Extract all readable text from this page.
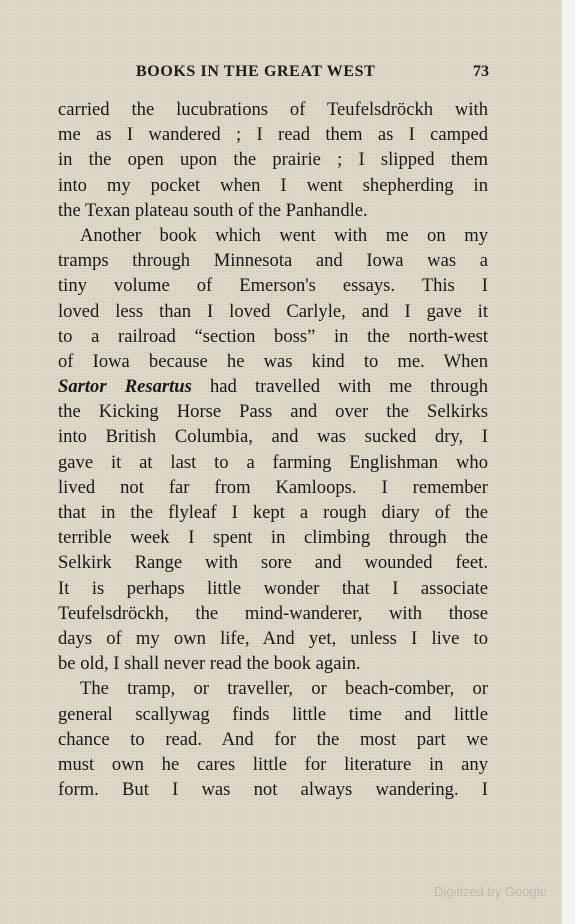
BOOKS IN THE GREAT WEST	73
carried the lucubrations of Teufelsdröckh with
me as I wandered ; I read them as I camped
in the open upon the prairie ; I slipped them
into my pocket when I went shepherding in
the Texan plateau south of the Panhandle.
Another book which went with me on my
tramps through Minnesota and Iowa was a
tiny volume of Emerson's essays. This I
loved less than I loved Carlyle, and I gave it
to a railroad “section boss” in the north-west
of Iowa because he was kind to me. When
Sartor Resartus had travelled with me through
the Kicking Horse Pass and over the Selkirks
into British Columbia, and was sucked dry, I
gave it at last to a farming Englishman who
lived not far from Kamloops. I remember
that in the flyleaf I kept a rough diary of the
terrible week I spent in climbing through the
Selkirk Range with sore and wounded feet.
It is perhaps little wonder that I associate
Teufelsdröckh, the mind-wanderer, with those
days of my own life, And yet, unless I live to
be old, I shall never read the book again.
The tramp, or traveller, or beach-comber, or
general scallywag finds little time and little
chance to read. And for the most part we
must own he cares little for literature in any
form. But I was not always wandering. I
Digitized by Google
